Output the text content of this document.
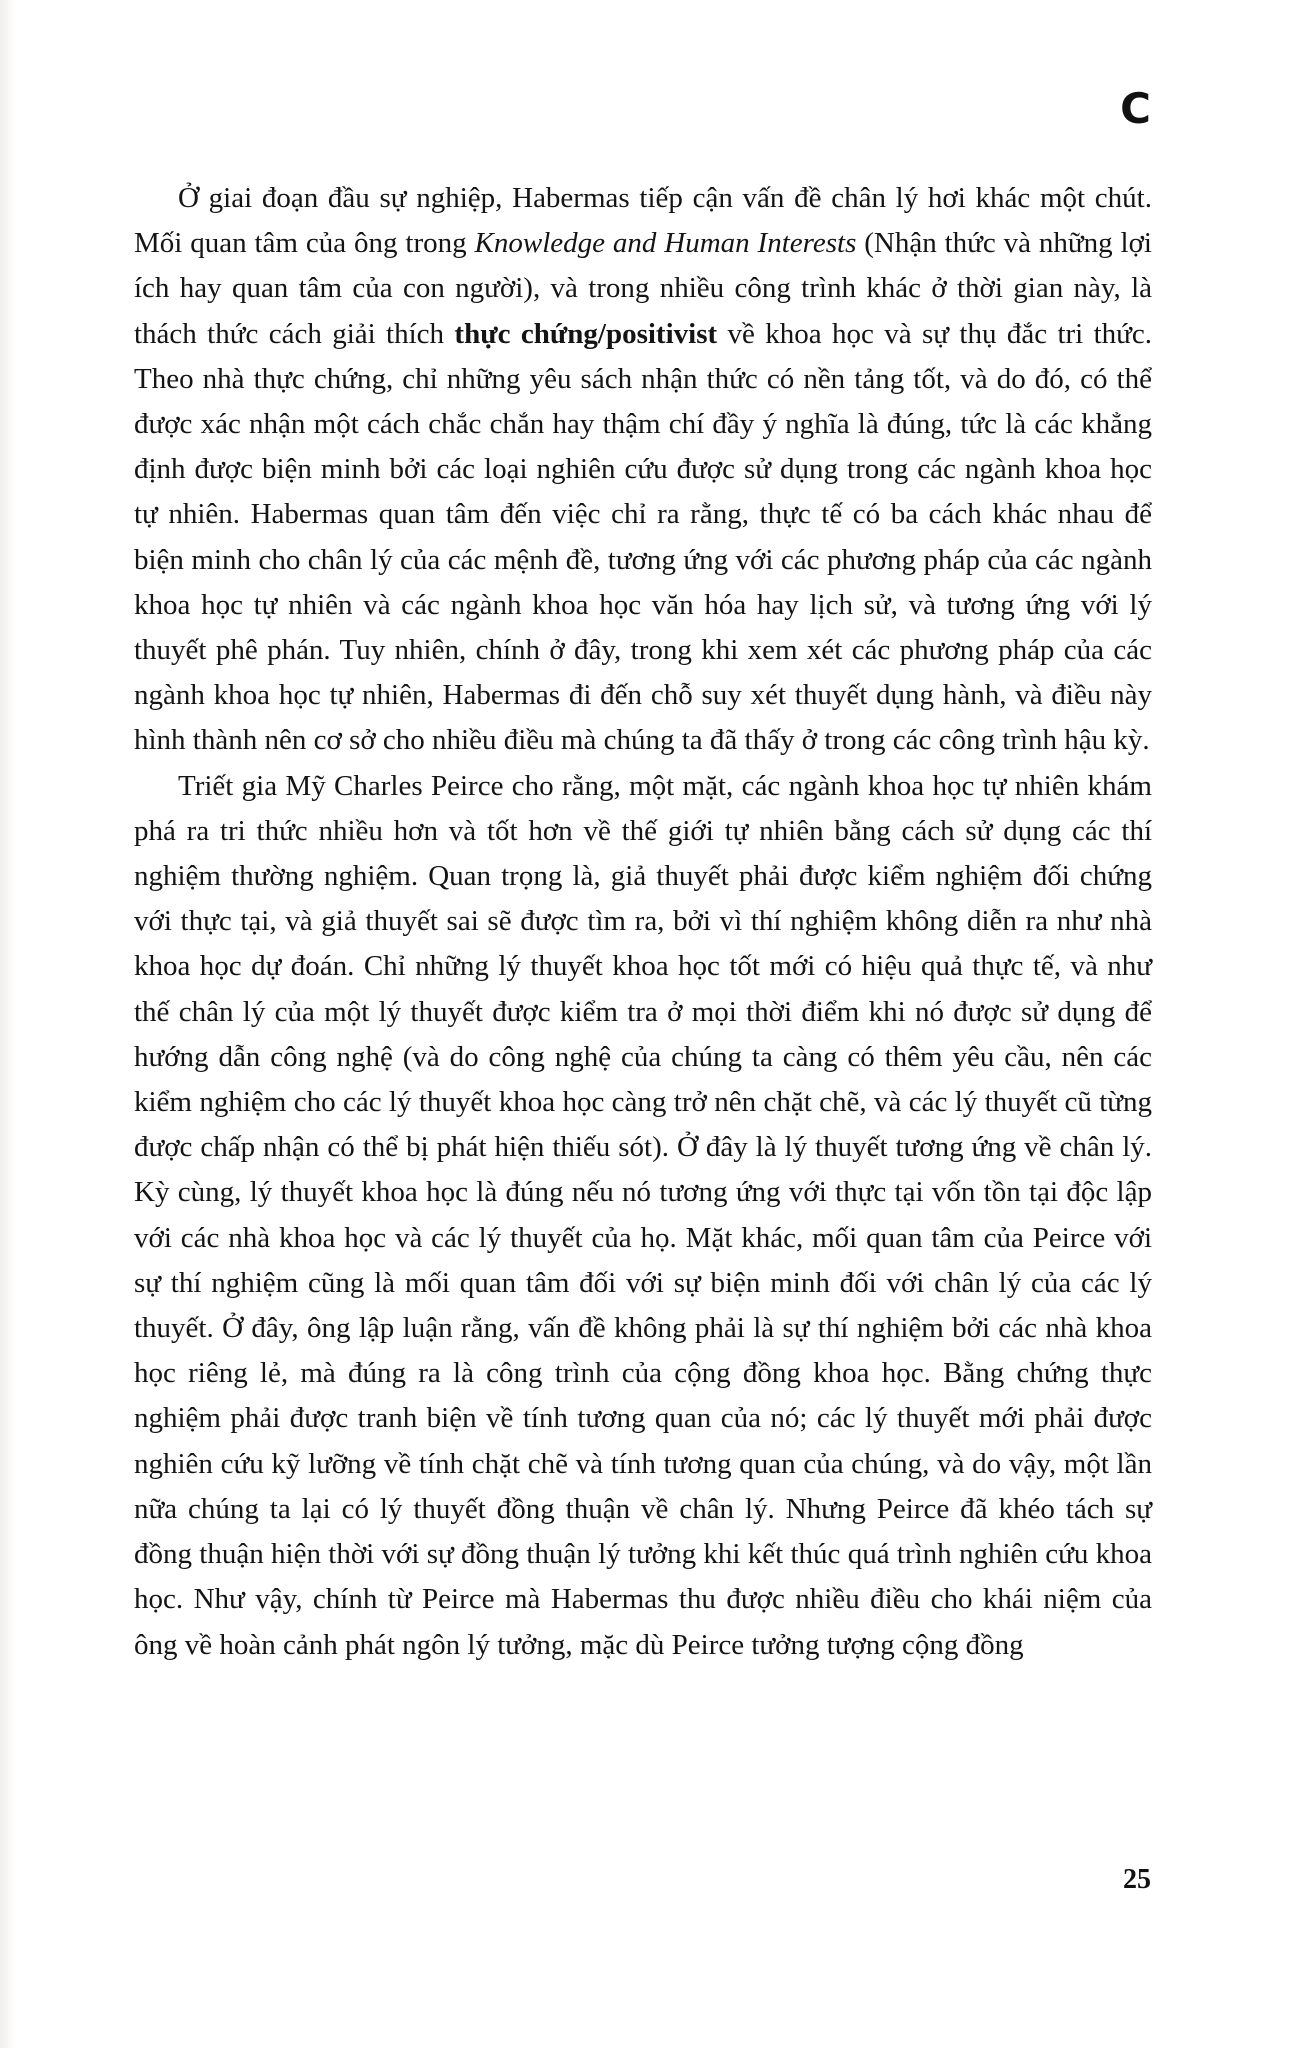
C

Ở giai đoạn đầu sự nghiệp, Habermas tiếp cận vấn đề chân lý hơi khác một chút. Mối quan tâm của ông trong Knowledge and Human Interests (Nhận thức và những lợi ích hay quan tâm của con người), và trong nhiều công trình khác ở thời gian này, là thách thức cách giải thích thực chứng/positivist về khoa học và sự thụ đắc tri thức. Theo nhà thực chứng, chỉ những yêu sách nhận thức có nền tảng tốt, và do đó, có thể được xác nhận một cách chắc chắn hay thậm chí đầy ý nghĩa là đúng, tức là các khẳng định được biện minh bởi các loại nghiên cứu được sử dụng trong các ngành khoa học tự nhiên. Habermas quan tâm đến việc chỉ ra rằng, thực tế có ba cách khác nhau để biện minh cho chân lý của các mệnh đề, tương ứng với các phương pháp của các ngành khoa học tự nhiên và các ngành khoa học văn hóa hay lịch sử, và tương ứng với lý thuyết phê phán. Tuy nhiên, chính ở đây, trong khi xem xét các phương pháp của các ngành khoa học tự nhiên, Habermas đi đến chỗ suy xét thuyết dụng hành, và điều này hình thành nên cơ sở cho nhiều điều mà chúng ta đã thấy ở trong các công trình hậu kỳ.

Triết gia Mỹ Charles Peirce cho rằng, một mặt, các ngành khoa học tự nhiên khám phá ra tri thức nhiều hơn và tốt hơn về thế giới tự nhiên bằng cách sử dụng các thí nghiệm thường nghiệm. Quan trọng là, giả thuyết phải được kiểm nghiệm đối chứng với thực tại, và giả thuyết sai sẽ được tìm ra, bởi vì thí nghiệm không diễn ra như nhà khoa học dự đoán. Chỉ những lý thuyết khoa học tốt mới có hiệu quả thực tế, và như thế chân lý của một lý thuyết được kiểm tra ở mọi thời điểm khi nó được sử dụng để hướng dẫn công nghệ (và do công nghệ của chúng ta càng có thêm yêu cầu, nên các kiểm nghiệm cho các lý thuyết khoa học càng trở nên chặt chẽ, và các lý thuyết cũ từng được chấp nhận có thể bị phát hiện thiếu sót). Ở đây là lý thuyết tương ứng về chân lý. Kỳ cùng, lý thuyết khoa học là đúng nếu nó tương ứng với thực tại vốn tồn tại độc lập với các nhà khoa học và các lý thuyết của họ. Mặt khác, mối quan tâm của Peirce với sự thí nghiệm cũng là mối quan tâm đối với sự biện minh đối với chân lý của các lý thuyết. Ở đây, ông lập luận rằng, vấn đề không phải là sự thí nghiệm bởi các nhà khoa học riêng lẻ, mà đúng ra là công trình của cộng đồng khoa học. Bằng chứng thực nghiệm phải được tranh biện về tính tương quan của nó; các lý thuyết mới phải được nghiên cứu kỹ lưỡng về tính chặt chẽ và tính tương quan của chúng, và do vậy, một lần nữa chúng ta lại có lý thuyết đồng thuận về chân lý. Nhưng Peirce đã khéo tách sự đồng thuận hiện thời với sự đồng thuận lý tưởng khi kết thúc quá trình nghiên cứu khoa học. Như vậy, chính từ Peirce mà Habermas thu được nhiều điều cho khái niệm của ông về hoàn cảnh phát ngôn lý tưởng, mặc dù Peirce tưởng tượng cộng đồng

25
